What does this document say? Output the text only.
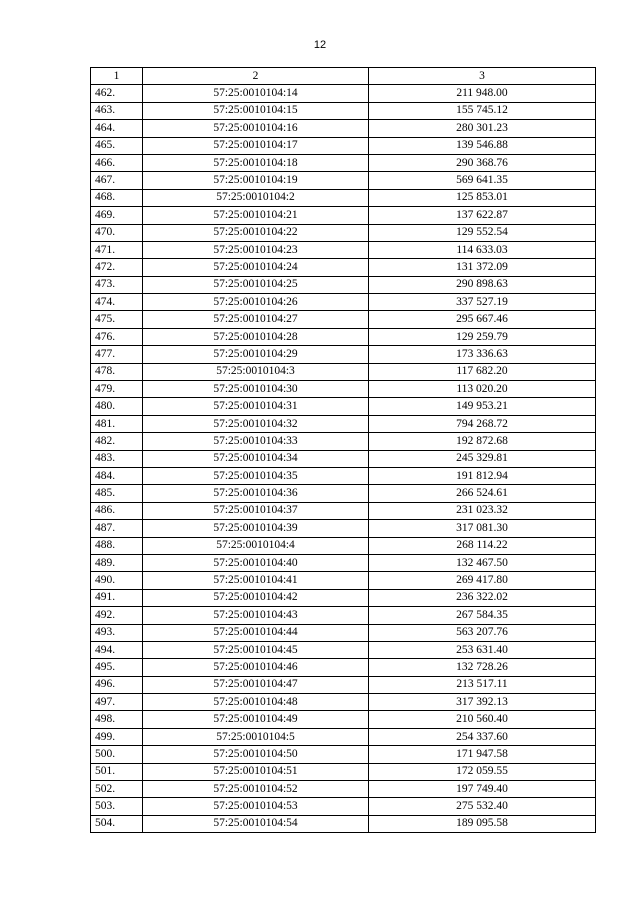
12
1	2	3
462.	57:25:0010104:14	211 948.00
463.	57:25:0010104:15	155 745.12
464.	57:25:0010104:16	280 301.23
465.	57:25:0010104:17	139 546.88
466.	57:25:0010104:18	290 368.76
467.	57:25:0010104:19	569 641.35
468.	57:25:0010104:2	125 853.01
469.	57:25:0010104:21	137 622.87
470.	57:25:0010104:22	129 552.54
471.	57:25:0010104:23	114 633.03
472.	57:25:0010104:24	131 372.09
473.	57:25:0010104:25	290 898.63
474.	57:25:0010104:26	337 527.19
475.	57:25:0010104:27	295 667.46
476.	57:25:0010104:28	129 259.79
477.	57:25:0010104:29	173 336.63
478.	57:25:0010104:3	117 682.20
479.	57:25:0010104:30	113 020.20
480.	57:25:0010104:31	149 953.21
481.	57:25:0010104:32	794 268.72
482.	57:25:0010104:33	192 872.68
483.	57:25:0010104:34	245 329.81
484.	57:25:0010104:35	191 812.94
485.	57:25:0010104:36	266 524.61
486.	57:25:0010104:37	231 023.32
487.	57:25:0010104:39	317 081.30
488.	57:25:0010104:4	268 114.22
489.	57:25:0010104:40	132 467.50
490.	57:25:0010104:41	269 417.80
491.	57:25:0010104:42	236 322.02
492.	57:25:0010104:43	267 584.35
493.	57:25:0010104:44	563 207.76
494.	57:25:0010104:45	253 631.40
495.	57:25:0010104:46	132 728.26
496.	57:25:0010104:47	213 517.11
497.	57:25:0010104:48	317 392.13
498.	57:25:0010104:49	210 560.40
499.	57:25:0010104:5	254 337.60
500.	57:25:0010104:50	171 947.58
501.	57:25:0010104:51	172 059.55
502.	57:25:0010104:52	197 749.40
503.	57:25:0010104:53	275 532.40
504.	57:25:0010104:54	189 095.58
